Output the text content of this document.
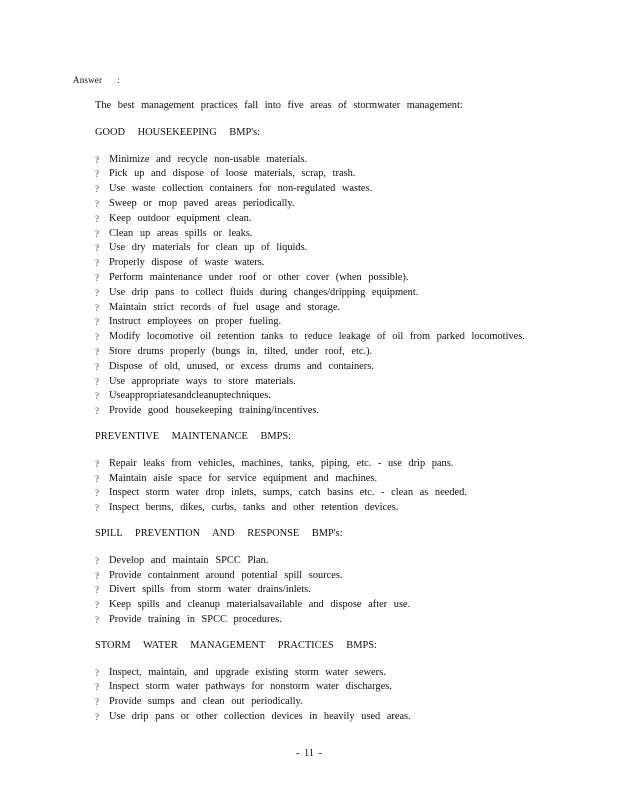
Answer :

The best management practices fall into five areas of stormwater management:

GOOD HOUSEKEEPING BMP's:
? Minimize and recycle non-usable materials.
? Pick up and dispose of loose materials, scrap, trash.
? Use waste collection containers for non-regulated wastes.
? Sweep or mop paved areas periodically.
? Keep outdoor equipment clean.
? Clean up areas spills or leaks.
? Use dry materials for clean up of liquids.
? Properly dispose of waste waters.
? Perform maintenance under roof or other cover (when possible).
? Use drip pans to collect fluids during changes/dripping equipment.
? Maintain strict records of fuel usage and storage.
? Instruct employees on proper fueling.
? Modify locomotive oil retention tanks to reduce leakage of oil from parked locomotives.
? Store drums properly (bungs in, tilted, under roof, etc.).
? Dispose of old, unused, or excess drums and containers.
? Use appropriate ways to store materials.
? Useappropriatesandcleanuptechniques.
? Provide good housekeeping training/incentives.
PREVENTIVE MAINTENANCE BMPS:
? Repair leaks from vehicles, machines, tanks, piping, etc. - use drip pans.
? Maintain aisle space for service equipment and machines.
? Inspect storm water drop inlets, sumps, catch basins etc. - clean as needed.
? Inspect berms, dikes, curbs, tanks and other retention devices.
SPILL PREVENTION AND RESPONSE BMP's:
? Develop and maintain SPCC Plan.
? Provide containment around potential spill sources.
? Divert spills from storm water drains/inlets.
? Keep spills and cleanup materialsavailable and dispose after use.
? Provide training in SPCC procedures.
STORM WATER MANAGEMENT PRACTICES BMPS:
? Inspect, maintain, and upgrade existing storm water sewers.
? Inspect storm water pathways for nonstorm water discharges.
? Provide sumps and clean out periodically.
? Use drip pans or other collection devices in heavily used areas.
- 11 -
